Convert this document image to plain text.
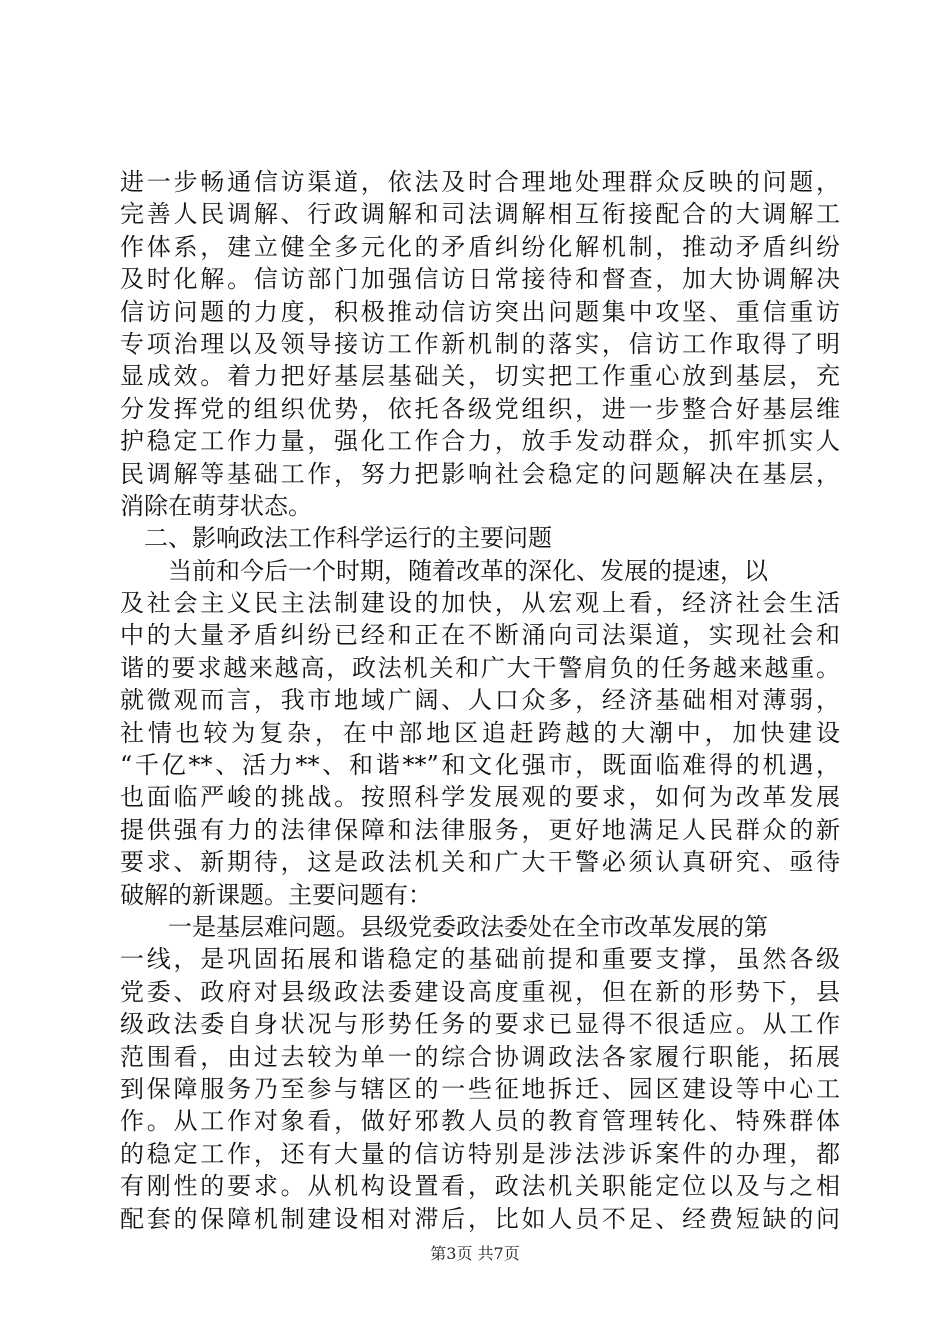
进一步畅通信访渠道，依法及时合理地处理群众反映的问题，
完善人民调解、行政调解和司法调解相互衔接配合的大调解工
作体系，建立健全多元化的矛盾纠纷化解机制，推动矛盾纠纷
及时化解。信访部门加强信访日常接待和督查，加大协调解决
信访问题的力度，积极推动信访突出问题集中攻坚、重信重访
专项治理以及领导接访工作新机制的落实，信访工作取得了明
显成效。着力把好基层基础关，切实把工作重心放到基层，充
分发挥党的组织优势，依托各级党组织，进一步整合好基层维
护稳定工作力量，强化工作合力，放手发动群众，抓牢抓实人
民调解等基础工作，努力把影响社会稳定的问题解决在基层，
消除在萌芽状态。
二、影响政法工作科学运行的主要问题
当前和今后一个时期，随着改革的深化、发展的提速，以
及社会主义民主法制建设的加快，从宏观上看，经济社会生活
中的大量矛盾纠纷已经和正在不断涌向司法渠道，实现社会和
谐的要求越来越高，政法机关和广大干警肩负的任务越来越重。
就微观而言，我市地域广阔、人口众多，经济基础相对薄弱，
社情也较为复杂，在中部地区追赶跨越的大潮中，加快建设
“千亿**、活力**、和谐**”和文化强市，既面临难得的机遇，
也面临严峻的挑战。按照科学发展观的要求，如何为改革发展
提供强有力的法律保障和法律服务，更好地满足人民群众的新
要求、新期待，这是政法机关和广大干警必须认真研究、亟待
破解的新课题。主要问题有：
一是基层难问题。县级党委政法委处在全市改革发展的第
一线，是巩固拓展和谐稳定的基础前提和重要支撑，虽然各级
党委、政府对县级政法委建设高度重视，但在新的形势下，县
级政法委自身状况与形势任务的要求已显得不很适应。从工作
范围看，由过去较为单一的综合协调政法各家履行职能，拓展
到保障服务乃至参与辖区的一些征地拆迁、园区建设等中心工
作。从工作对象看，做好邪教人员的教育管理转化、特殊群体
的稳定工作，还有大量的信访特别是涉法涉诉案件的办理，都
有刚性的要求。从机构设置看，政法机关职能定位以及与之相
配套的保障机制建设相对滞后，比如人员不足、经费短缺的问
第3页 共7页
